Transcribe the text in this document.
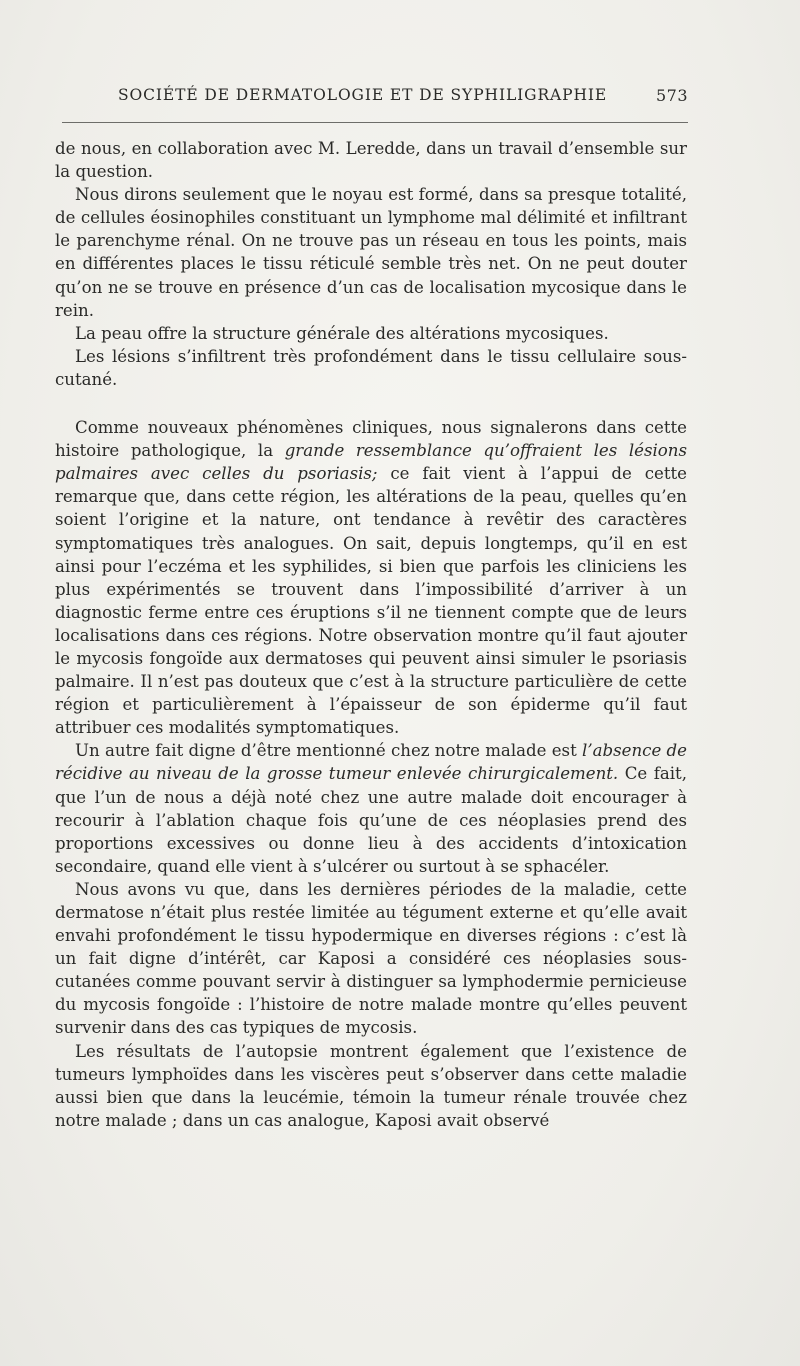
SOCIÉTÉ DE DERMATOLOGIE ET DE SYPHILIGRAPHIE	573

de nous, en collaboration avec M. Leredde, dans un travail d’ensemble sur la question.

Nous dirons seulement que le noyau est formé, dans sa presque totalité, de cellules éosinophiles constituant un lymphome mal délimité et infiltrant le parenchyme rénal. On ne trouve pas un réseau en tous les points, mais en différentes places le tissu réticulé semble très net. On ne peut douter qu’on ne se trouve en présence d’un cas de localisation mycosique dans le rein.

La peau offre la structure générale des altérations mycosiques.

Les lésions s’infiltrent très profondément dans le tissu cellulaire sous-cutané.

Comme nouveaux phénomènes cliniques, nous signalerons dans cette histoire pathologique, la grande ressemblance qu’offraient les lésions palmaires avec celles du psoriasis; ce fait vient à l’appui de cette remarque que, dans cette région, les altérations de la peau, quelles qu’en soient l’origine et la nature, ont tendance à revêtir des caractères symptomatiques très analogues. On sait, depuis longtemps, qu’il en est ainsi pour l’eczéma et les syphilides, si bien que parfois les cliniciens les plus expérimentés se trouvent dans l’impossibilité d’arriver à un diagnostic ferme entre ces éruptions s’il ne tiennent compte que de leurs localisations dans ces régions. Notre observation montre qu’il faut ajouter le mycosis fongoïde aux dermatoses qui peuvent ainsi simuler le psoriasis palmaire. Il n’est pas douteux que c’est à la structure particulière de cette région et particulièrement à l’épaisseur de son épiderme qu’il faut attribuer ces modalités symptomatiques.

Un autre fait digne d’être mentionné chez notre malade est l’absence de récidive au niveau de la grosse tumeur enlevée chirurgicalement. Ce fait, que l’un de nous a déjà noté chez une autre malade doit encourager à recourir à l’ablation chaque fois qu’une de ces néoplasies prend des proportions excessives ou donne lieu à des accidents d’intoxication secondaire, quand elle vient à s’ulcérer ou surtout à se sphacéler.

Nous avons vu que, dans les dernières périodes de la maladie, cette dermatose n’était plus restée limitée au tégument externe et qu’elle avait envahi profondément le tissu hypodermique en diverses régions : c’est là un fait digne d’intérêt, car Kaposi a considéré ces néoplasies sous-cutanées comme pouvant servir à distinguer sa lymphodermie pernicieuse du mycosis fongoïde : l’histoire de notre malade montre qu’elles peuvent survenir dans des cas typiques de mycosis.

Les résultats de l’autopsie montrent également que l’existence de tumeurs lymphoïdes dans les viscères peut s’observer dans cette maladie aussi bien que dans la leucémie, témoin la tumeur rénale trouvée chez notre malade ; dans un cas analogue, Kaposi avait observé
